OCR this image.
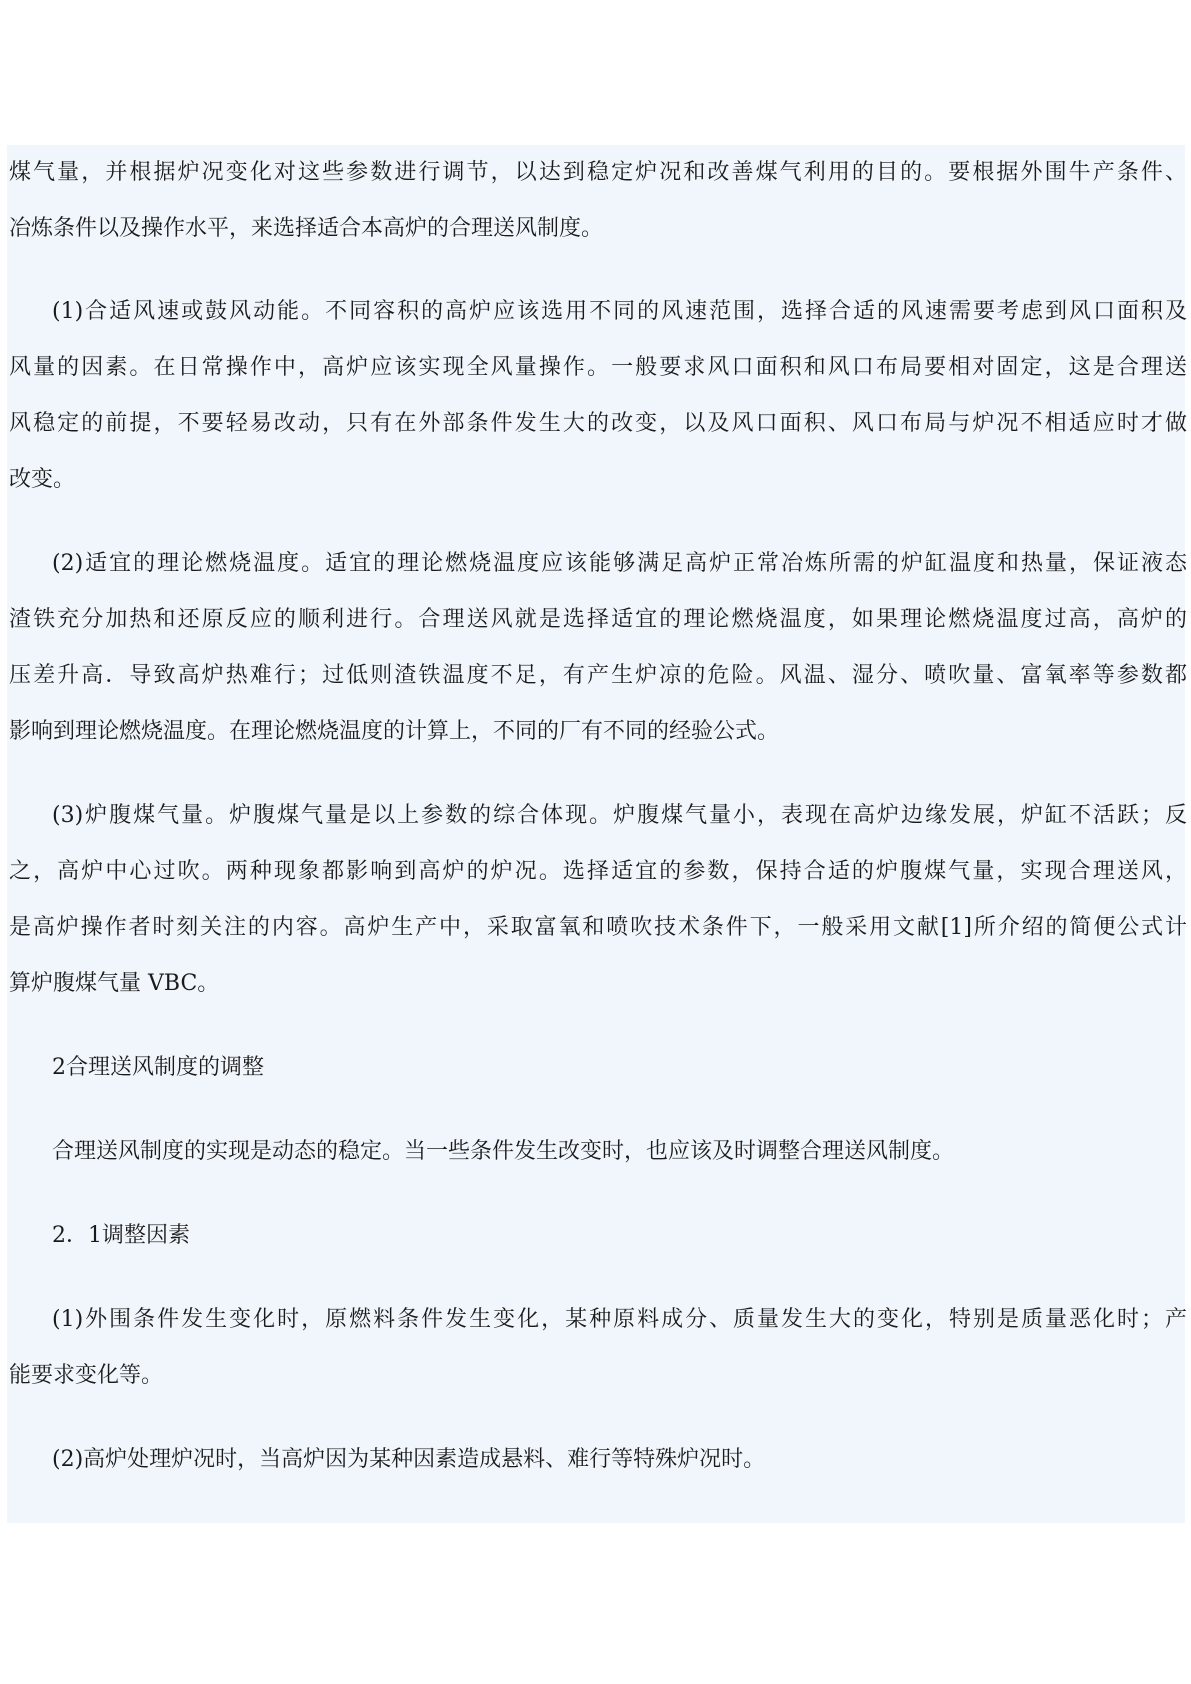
煤气量，并根据炉况变化对这些参数进行调节，以达到稳定炉况和改善煤气利用的目的。要根据外围牛产条件、
冶炼条件以及操作水平，来选择适合本高炉的合理送风制度。

(1)合适风速或鼓风动能。不同容积的高炉应该选用不同的风速范围，选择合适的风速需要考虑到风口面积及
风量的因素。在日常操作中，高炉应该实现全风量操作。一般要求风口面积和风口布局要相对固定，这是合理送
风稳定的前提，不要轻易改动，只有在外部条件发生大的改变，以及风口面积、风口布局与炉况不相适应时才做
改变。

(2)适宜的理论燃烧温度。适宜的理论燃烧温度应该能够满足高炉正常冶炼所需的炉缸温度和热量，保证液态
渣铁充分加热和还原反应的顺利进行。合理送风就是选择适宜的理论燃烧温度，如果理论燃烧温度过高，高炉的
压差升高．导致高炉热难行；过低则渣铁温度不足，有产生炉凉的危险。风温、湿分、喷吹量、富氧率等参数都
影响到理论燃烧温度。在理论燃烧温度的计算上，不同的厂有不同的经验公式。

(3)炉腹煤气量。炉腹煤气量是以上参数的综合体现。炉腹煤气量小，表现在高炉边缘发展，炉缸不活跃；反
之，高炉中心过吹。两种现象都影响到高炉的炉况。选择适宜的参数，保持合适的炉腹煤气量，实现合理送风，
是高炉操作者时刻关注的内容。高炉生产中，采取富氧和喷吹技术条件下，一般采用文献[1]所介绍的简便公式计
算炉腹煤气量 VBC。

2合理送风制度的调整

合理送风制度的实现是动态的稳定。当一些条件发生改变时，也应该及时调整合理送风制度。

2．1调整因素

(1)外围条件发生变化时，原燃料条件发生变化，某种原料成分、质量发生大的变化，特别是质量恶化时；产
能要求变化等。

(2)高炉处理炉况时，当高炉因为某种因素造成悬料、难行等特殊炉况时。
